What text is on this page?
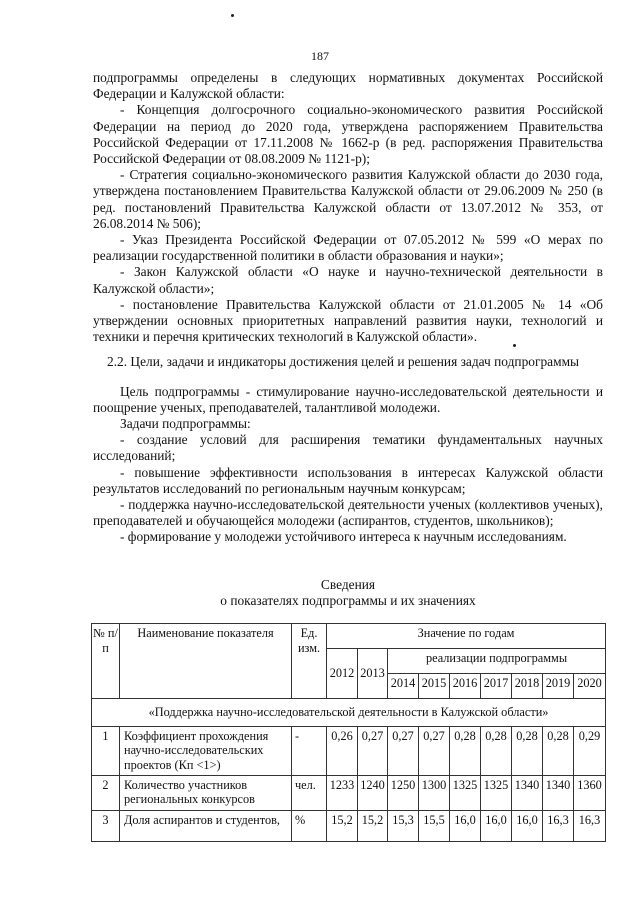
187

подпрограммы определены в следующих нормативных документах Российской Федерации и Калужской области:

- Концепция долгосрочного социально-экономического развития Российской Федерации на период до 2020 года, утверждена распоряжением Правительства Российской Федерации от 17.11.2008 № 1662-р (в ред. распоряжения Правительства Российской Федерации от 08.08.2009 № 1121-р);

- Стратегия социально-экономического развития Калужской области до 2030 года, утверждена постановлением Правительства Калужской области от 29.06.2009 № 250 (в ред. постановлений Правительства Калужской области от 13.07.2012 № 353, от 26.08.2014 № 506);

- Указ Президента Российской Федерации от 07.05.2012 № 599 «О мерах по реализации государственной политики в области образования и науки»;

- Закон Калужской области «О науке и научно-технической деятельности в Калужской области»;

- постановление Правительства Калужской области от 21.01.2005 № 14 «Об утверждении основных приоритетных направлений развития науки, технологий и техники и перечня критических технологий в Калужской области».

2.2. Цели, задачи и индикаторы достижения целей и решения задач подпрограммы

Цель подпрограммы - стимулирование научно-исследовательской деятельности и поощрение ученых, преподавателей, талантливой молодежи.

Задачи подпрограммы:

- создание условий для расширения тематики фундаментальных научных исследований;

- повышение эффективности использования в интересах Калужской области результатов исследований по региональным научным конкурсам;

- поддержка научно-исследовательской деятельности ученых (коллективов ученых), преподавателей и обучающейся молодежи (аспирантов, студентов, школьников);

- формирование у молодежи устойчивого интереса к научным исследованиям.

Сведения
о показателях подпрограммы и их значениях
№ п/п	Наименование показателя	Ед. изм.	Значение по годам								
			2012	2013	реализации подпрограммы						
					2014	2015	2016	2017	2018	2019	2020
«Поддержка научно-исследовательской деятельности в Калужской области»											
1	Коэффициент прохождения научно-исследовательских проектов (Кп <1>)	-	0,26	0,27	0,27	0,27	0,28	0,28	0,28	0,28	0,29
2	Количество участников региональных конкурсов	чел.	1233	1240	1250	1300	1325	1325	1340	1340	1360
3	Доля аспирантов и студентов,	%	15,2	15,2	15,3	15,5	16,0	16,0	16,0	16,3	16,3
